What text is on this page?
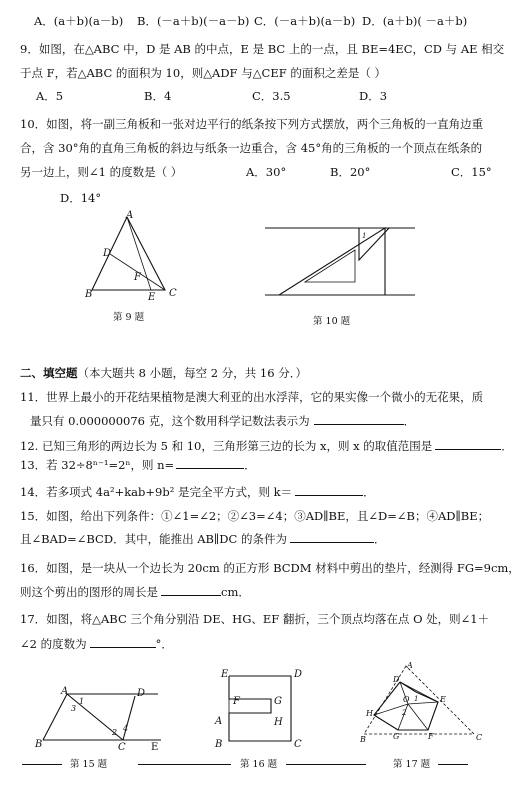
A．(a＋b)(a－b) B．(－a＋b)(－a－b) C．(－a＋b)(a－b) D．(a＋b)( －a＋b)
9．如图，在△ABC 中，D 是 AB 的中点，E 是 BC 上的一点，且 BE=4EC，CD 与 AE 相交
于点 F，若△ABC 的面积为 10，则△ADF 与△CEF 的面积之差是（ ）
A．5	B．4	C．3.5	D．3
10．如图，将一副三角板和一张对边平行的纸条按下列方式摆放，两个三角板的一直角边重
合，含 30°角的直角三角板的斜边与纸条一边重合，含 45°角的三角板的一个顶点在纸条的
另一边上，则∠1 的度数是（ ）	A．30°	B．20°	C．15°
D．14°
A
D
F
B	E C
第 9 题
1
第 10 题
二、填空题（本大题共 8 小题，每空 2 分，共 16 分．）
11．世界上最小的开花结果植物是澳大利亚的出水浮萍，它的果实像一个微小的无花果，质
量只有 0.000000076 克，这个数用科学记数法表示为	．
12. 已知三角形的两边长为 5 和 10，三角形第三边的长为 x，则 x 的取值范围是	．
13．若 32÷8ⁿ⁻¹=2ⁿ，则 n=	．
14．若多项式 4a²+kab+9b² 是完全平方式，则 k＝	．
15．如图，给出下列条件：①∠1=∠2；②∠3=∠4；③AD∥BE，且∠D=∠B；④AD∥BE；
且∠BAD=∠BCD．其中，能推出 AB∥DC 的条件为	．
16．如图，是一块从一个边长为 20cm 的正方形 BCDM 材料中剪出的垫片，经测得 FG=9cm，
则这个剪出的图形的周长是	cm．
17．如图，将△ABC 三个角分别沿 DE、HG、EF 翻折，三个顶点均落在点 O 处，则∠1＋
∠2 的度数为	°．
A	D
1
3
2 4
B	C	E
第 15 题
E	D
F	G
A	H
B	C
第 16 题
A
D
O	E
1
H	2
B	G	F	C
第 17 题
